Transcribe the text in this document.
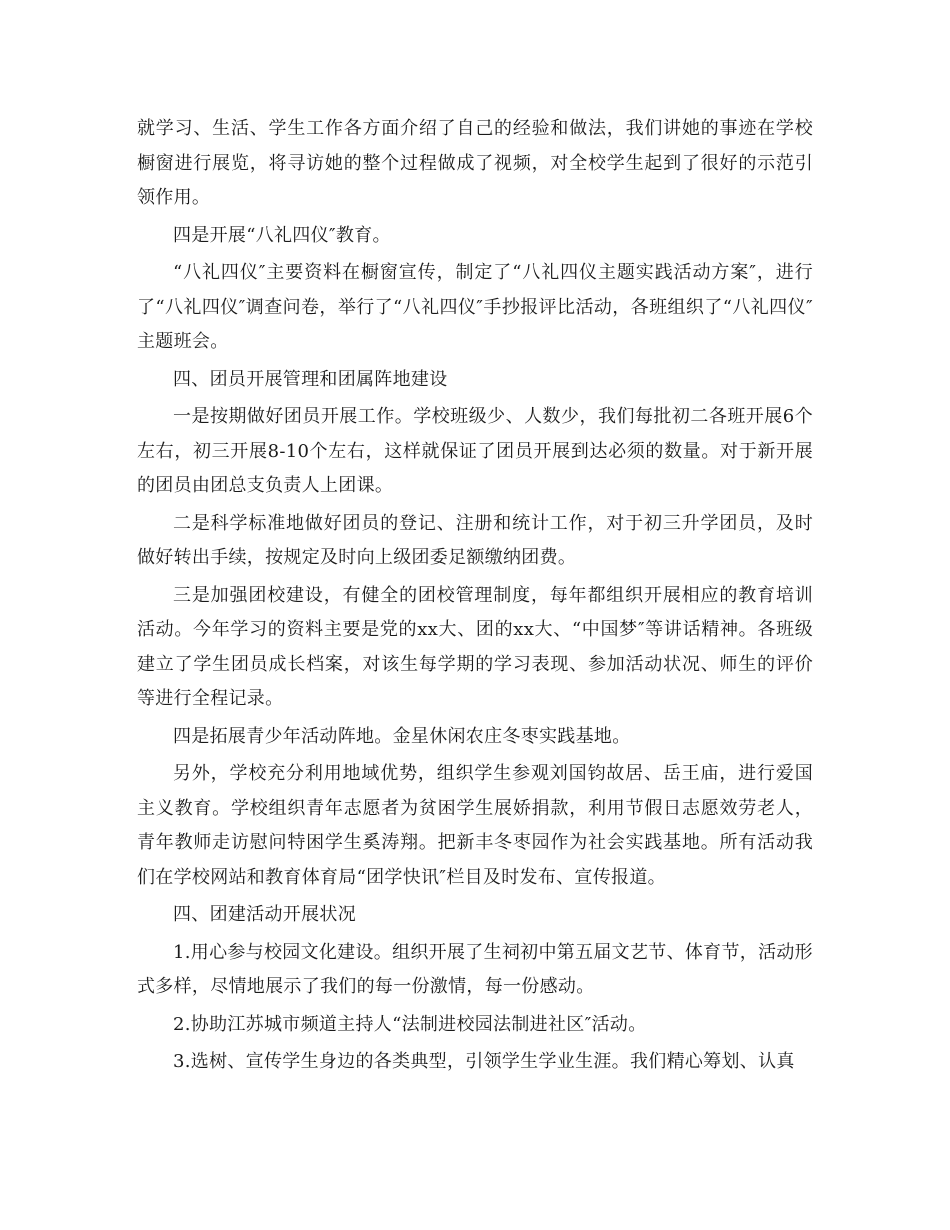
就学习、生活、学生工作各方面介绍了自己的经验和做法，我们讲她的事迹在学校橱窗进行展览，将寻访她的整个过程做成了视频，对全校学生起到了很好的示范引领作用。

四是开展“八礼四仪″教育。

“八礼四仪″主要资料在橱窗宣传，制定了“八礼四仪主题实践活动方案″，进行了“八礼四仪″调查问卷，举行了“八礼四仪″手抄报评比活动，各班组织了“八礼四仪″主题班会。

四、团员开展管理和团属阵地建设

一是按期做好团员开展工作。学校班级少、人数少，我们每批初二各班开展6个左右，初三开展8-10个左右，这样就保证了团员开展到达必须的数量。对于新开展的团员由团总支负责人上团课。

二是科学标准地做好团员的登记、注册和统计工作，对于初三升学团员，及时做好转出手续，按规定及时向上级团委足额缴纳团费。

三是加强团校建设，有健全的团校管理制度，每年都组织开展相应的教育培训活动。今年学习的资料主要是党的xx大、团的xx大、“中国梦″等讲话精神。各班级建立了学生团员成长档案，对该生每学期的学习表现、参加活动状况、师生的评价等进行全程记录。

四是拓展青少年活动阵地。金星休闲农庄冬枣实践基地。

另外，学校充分利用地域优势，组织学生参观刘国钧故居、岳王庙，进行爱国主义教育。学校组织青年志愿者为贫困学生展娇捐款，利用节假日志愿效劳老人，青年教师走访慰问特困学生奚涛翔。把新丰冬枣园作为社会实践基地。所有活动我们在学校网站和教育体育局“团学快讯″栏目及时发布、宣传报道。

四、团建活动开展状况

1.用心参与校园文化建设。组织开展了生祠初中第五届文艺节、体育节，活动形式多样，尽情地展示了我们的每一份激情，每一份感动。

2.协助江苏城市频道主持人“法制进校园法制进社区″活动。

3.选树、宣传学生身边的各类典型，引领学生学业生涯。我们精心筹划、认真
